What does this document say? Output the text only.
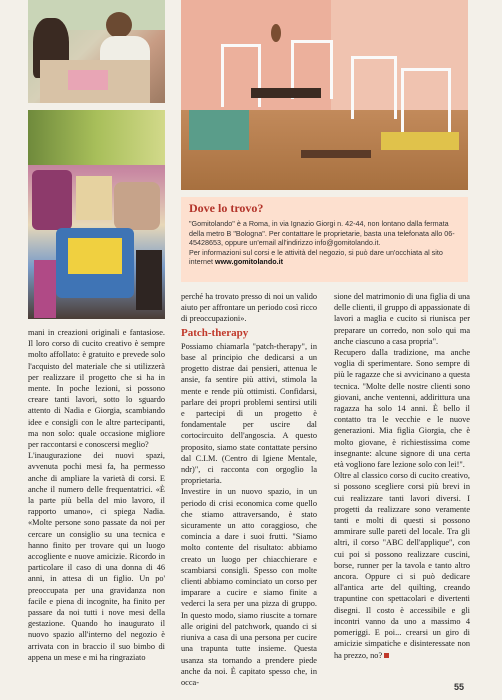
Dove lo trovo?
"Gomitolando" è a Roma, in via Ignazio Giorgi n. 42-44, non lontano dalla fermata della metro B "Bologna". Per contattare le proprietarie, basta una telefonata allo 06-45428653, oppure un'email all'indirizzo info@gomitolando.it.
Per informazioni sul corsi e le attività del negozio, si può dare un'occhiata al sito internet www.gomitolando.it

mani in creazioni originali e fantasiose. Il loro corso di cucito creativo è sempre molto affollato: è gratuito e prevede solo l'acquisto del materiale che si utilizzerà per realizzare il progetto che si ha in mente. In poche lezioni, si possono creare tanti lavori, sotto lo sguardo attento di Nadia e Giorgia, scambiando idee e consigli con le altre partecipanti, ma non solo: quale occasione migliore per raccontarsi e conoscersi meglio?

L'inaugurazione dei nuovi spazi, avvenuta pochi mesi fa, ha permesso anche di ampliare la varietà di corsi. E anche il numero delle frequentatrici. «È la parte più bella del mio lavoro, il rapporto umano», ci spiega Nadia. «Molte persone sono passate da noi per cercare un consiglio su una tecnica e hanno finito per trovare qui un luogo accogliente e nuove amicizie. Ricordo in particolare il caso di una donna di 46 anni, in attesa di un figlio. Un po' preoccupata per una gravidanza non facile e piena di incognite, ha finito per passare da noi tutti i nove mesi della gestazione. Quando ho inaugurato il nuovo spazio all'interno del negozio è arrivata con in braccio il suo bimbo di appena un mese e mi ha ringraziato

perché ha trovato presso di noi un valido aiuto per affrontare un periodo così ricco di preoccupazioni».

Patch-therapy

Possiamo chiamarla "patch-therapy", in base al principio che dedicarsi a un progetto distrae dai pensieri, attenua le ansie, fa sentire più attivi, stimola la mente e rende più ottimisti. Confidarsi, parlare dei propri problemi sentirsi utili e partecipi di un progetto è fondamentale per uscire dal cortocircuito dell'angoscia. A questo proposito, siamo state contattate persino dal C.I.M. (Centro di Igiene Mentale, ndr)", ci racconta con orgoglio la proprietaria.

Investire in un nuovo spazio, in un periodo di crisi economica come quello che stiamo attraversando, è stato sicuramente un atto coraggioso, che comincia a dare i suoi frutti. "Siamo molto contente del risultato: abbiamo creato un luogo per chiacchierare e scambiarsi consigli. Spesso con molte clienti abbiamo cominciato un corso per imparare a cucire e siamo finite a vederci la sera per una pizza di gruppo. In questo modo, siamo riuscite a tornare alle origini del patchwork, quando ci si riuniva a casa di una persona per cucire una trapunta tutte insieme. Questa usanza sta tornando a prendere piede anche da noi. È capitato spesso che, in occa-

sione del matrimonio di una figlia di una delle clienti, il gruppo di appassionate di lavori a maglia e cucito si riunisca per preparare un corredo, non solo qui ma anche ciascuno a casa propria".

Recupero dalla tradizione, ma anche voglia di sperimentare. Sono sempre di più le ragazze che si avvicinano a questa tecnica. "Molte delle nostre clienti sono giovani, anche ventenni, addirittura una ragazza ha solo 14 anni. È bello il contatto tra le vecchie e le nuove generazioni. Mia figlia Giorgia, che è molto giovane, è richiestissima come insegnante: alcune signore di una certa età vogliono fare lezione solo con lei!".

Oltre al classico corso di cucito creativo, si possono scegliere corsi più brevi in cui realizzare tanti lavori diversi. I progetti da realizzare sono veramente tanti e molti di questi si possono ammirare sulle pareti del locale. Tra gli altri, il corso "ABC dell'applique", con cui poi si possono realizzare cuscini, borse, runner per la tavola e tanto altro ancora. Oppure ci si può dedicare all'antica arte del quilting, creando trapuntine con spettacolari e divertenti disegni. Il costo è accessibile e gli incontri vanno da uno a massimo 4 pomeriggi. E poi... crearsi un giro di amicizie simpatiche e disinteressate non ha prezzo, no?

55
